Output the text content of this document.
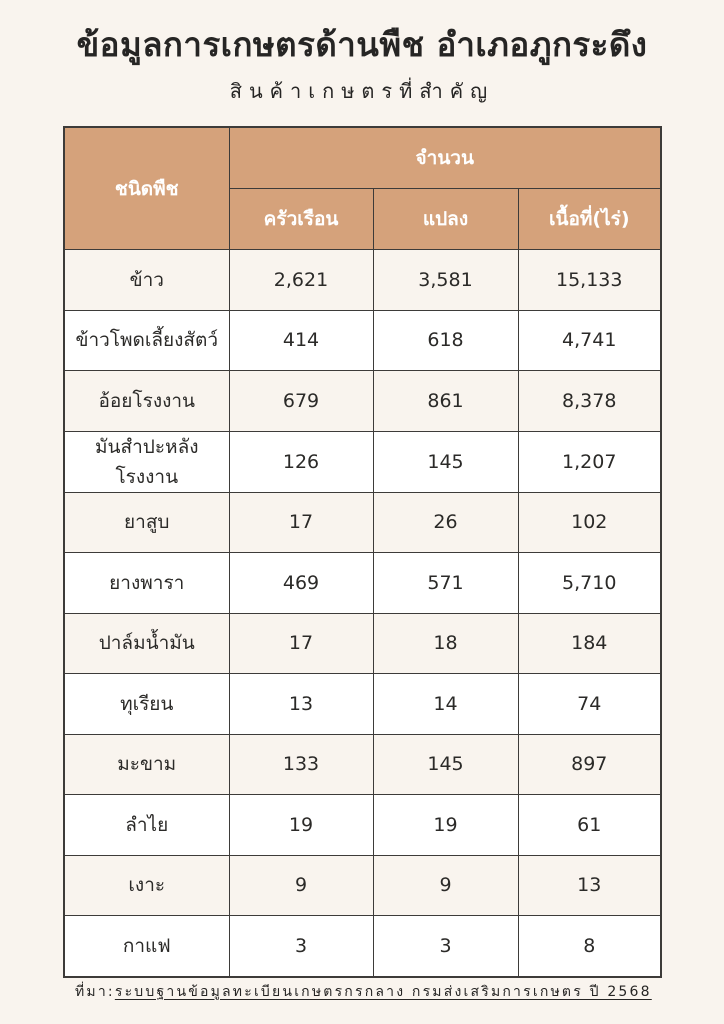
ข้อมูลการเกษตรด้านพืช อำเภอภูกระดึง
สินค้าเกษตรที่สำคัญ
ชนิดพืช	จำนวน		
	ครัวเรือน	แปลง	เนื้อที่(ไร่)
ข้าว	2,621	3,581	15,133
ข้าวโพดเลี้ยงสัตว์	414	618	4,741
อ้อยโรงงาน	679	861	8,378
มันสำปะหลังโรงงาน	126	145	1,207
ยาสูบ	17	26	102
ยางพารา	469	571	5,710
ปาล์มน้ำมัน	17	18	184
ทุเรียน	13	14	74
มะขาม	133	145	897
ลำไย	19	19	61
เงาะ	9	9	13
กาแฟ	3	3	8
ที่มา:ระบบฐานข้อมูลทะเบียนเกษตรกรกลาง กรมส่งเสริมการเกษตร ปี 2568
